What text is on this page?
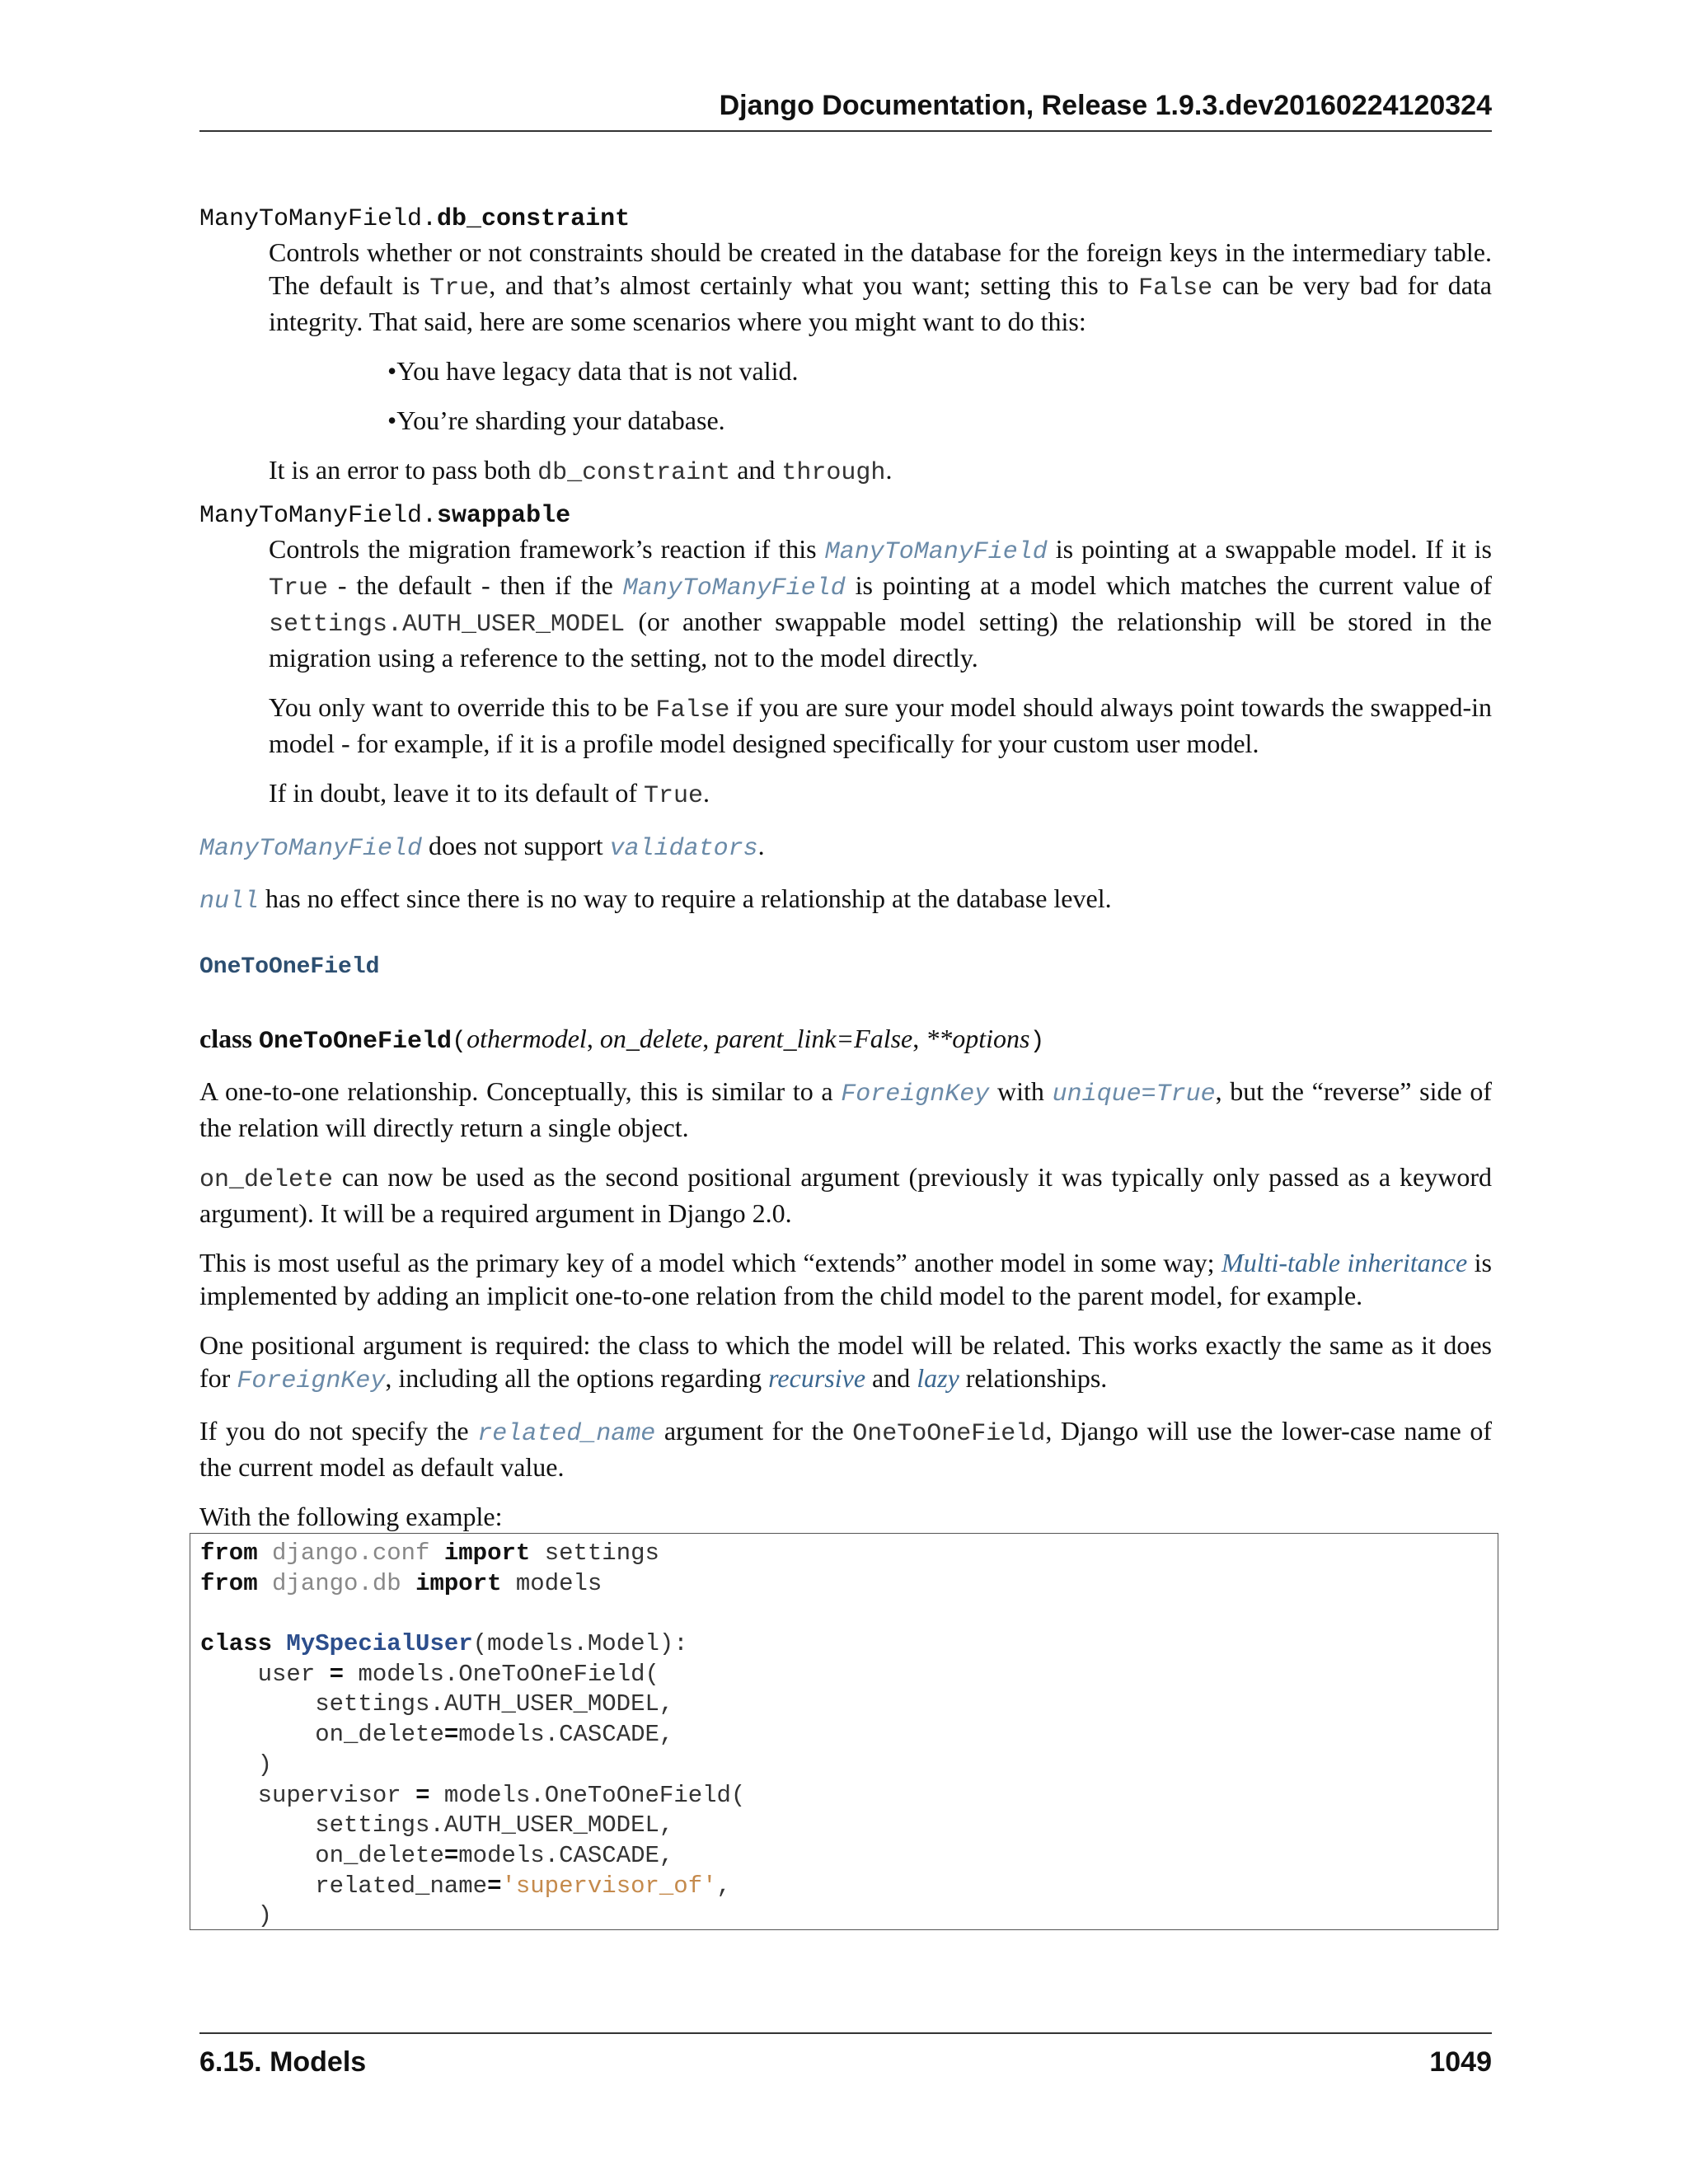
Django Documentation, Release 1.9.3.dev20160224120324
ManyToManyField.db_constraint

Controls whether or not constraints should be created in the database for the foreign keys in the intermediary table. The default is True, and that’s almost certainly what you want; setting this to False can be very bad for data integrity. That said, here are some scenarios where you might want to do this:

•You have legacy data that is not valid.

•You’re sharding your database.

It is an error to pass both db_constraint and through.

ManyToManyField.swappable

Controls the migration framework’s reaction if this ManyToManyField is pointing at a swappable model. If it is True - the default - then if the ManyToManyField is pointing at a model which matches the current value of settings.AUTH_USER_MODEL (or another swappable model setting) the relationship will be stored in the migration using a reference to the setting, not to the model directly.

You only want to override this to be False if you are sure your model should always point towards the swapped-in model - for example, if it is a profile model designed specifically for your custom user model.

If in doubt, leave it to its default of True.

ManyToManyField does not support validators.

null has no effect since there is no way to require a relationship at the database level.

OneToOneField
class OneToOneField(othermodel, on_delete, parent_link=False, **options)

A one-to-one relationship. Conceptually, this is similar to a ForeignKey with unique=True, but the “reverse” side of the relation will directly return a single object.

on_delete can now be used as the second positional argument (previously it was typically only passed as a keyword argument). It will be a required argument in Django 2.0.

This is most useful as the primary key of a model which “extends” another model in some way; Multi-table inheritance is implemented by adding an implicit one-to-one relation from the child model to the parent model, for example.

One positional argument is required: the class to which the model will be related. This works exactly the same as it does for ForeignKey, including all the options regarding recursive and lazy relationships.

If you do not specify the related_name argument for the OneToOneField, Django will use the lower-case name of the current model as default value.

With the following example:

from django.conf import settings
from django.db import models
class MySpecialUser(models.Model):
user = models.OneToOneField(
settings.AUTH_USER_MODEL,
on_delete=models.CASCADE,
)
supervisor = models.OneToOneField(
settings.AUTH_USER_MODEL,
on_delete=models.CASCADE,
related_name='supervisor_of',
)
6.15. Models	1049
